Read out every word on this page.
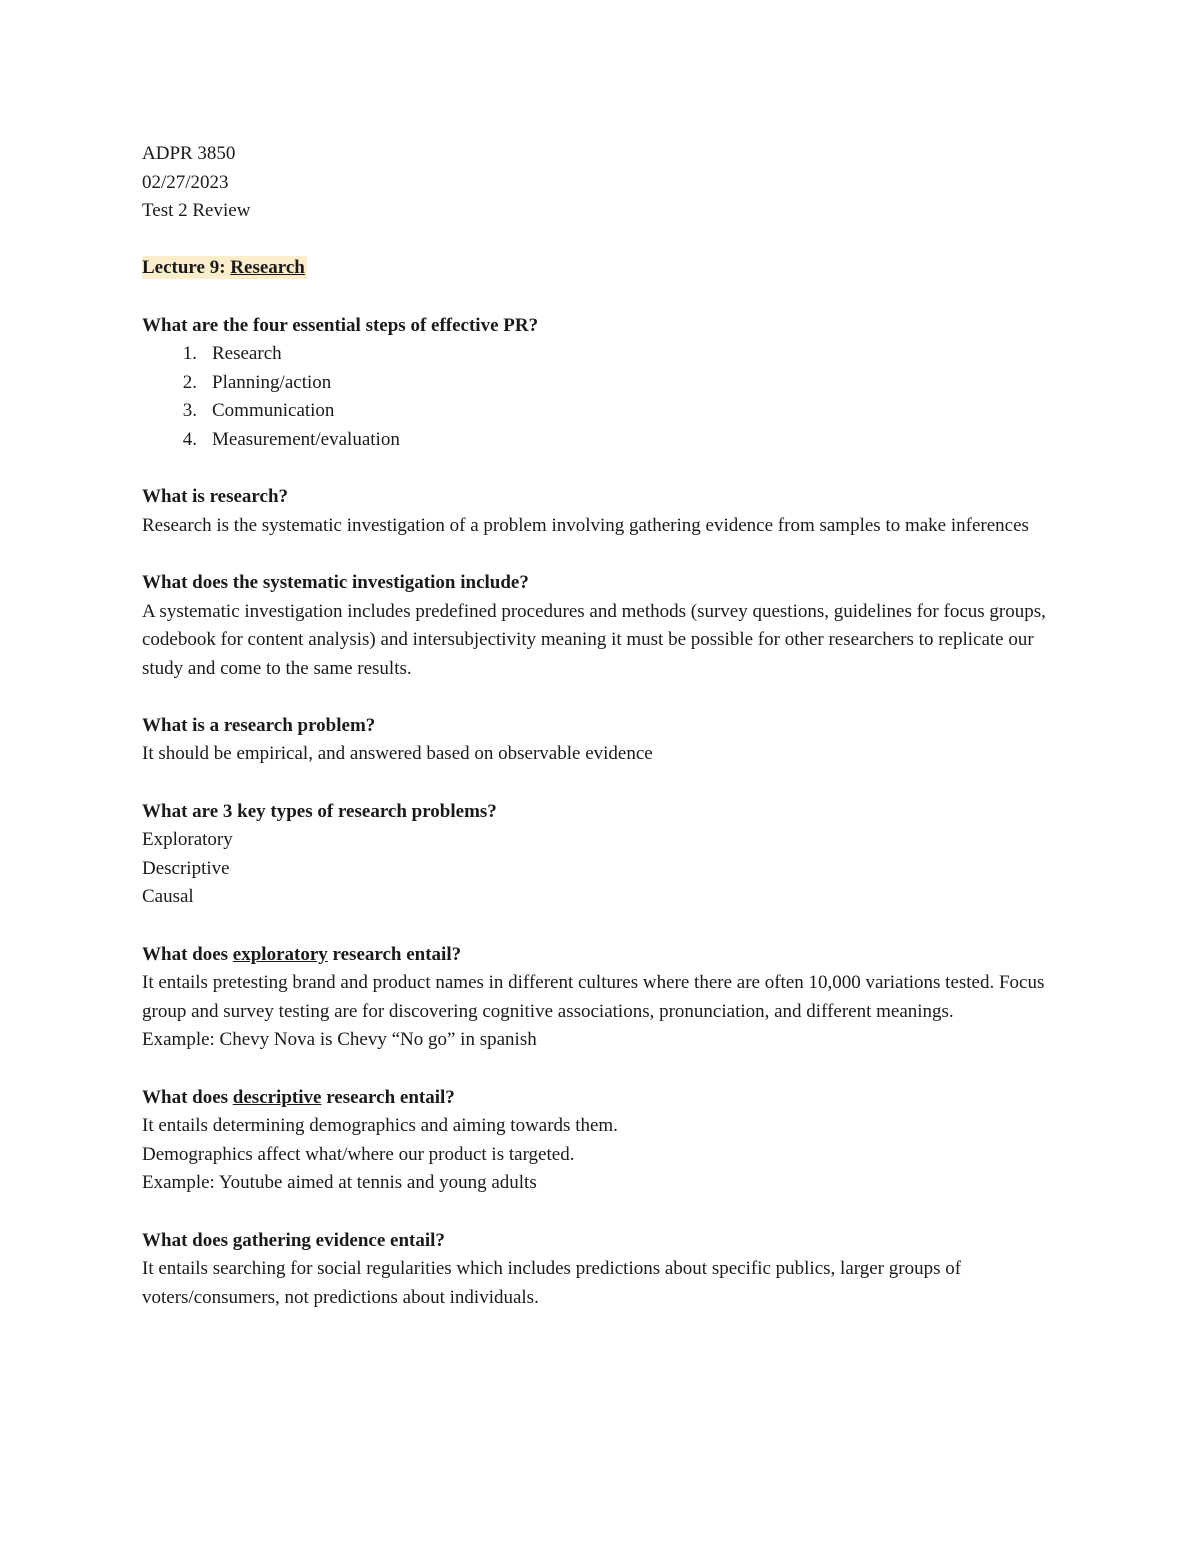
ADPR 3850
02/27/2023
Test 2 Review
Lecture 9: Research
What are the four essential steps of effective PR?
1. Research
2. Planning/action
3. Communication
4. Measurement/evaluation
What is research?
Research is the systematic investigation of a problem involving gathering evidence from samples to make inferences
What does the systematic investigation include?
A systematic investigation includes predefined procedures and methods (survey questions, guidelines for focus groups, codebook for content analysis) and intersubjectivity meaning it must be possible for other researchers to replicate our study and come to the same results.
What is a research problem?
It should be empirical, and answered based on observable evidence
What are 3 key types of research problems?
Exploratory
Descriptive
Causal
What does exploratory research entail?
It entails pretesting brand and product names in different cultures where there are often 10,000 variations tested. Focus group and survey testing are for discovering cognitive associations, pronunciation, and different meanings.
Example: Chevy Nova is Chevy “No go” in spanish
What does descriptive research entail?
It entails determining demographics and aiming towards them.
Demographics affect what/where our product is targeted.
Example: Youtube aimed at tennis and young adults
What does gathering evidence entail?
It entails searching for social regularities which includes predictions about specific publics, larger groups of voters/consumers, not predictions about individuals.
